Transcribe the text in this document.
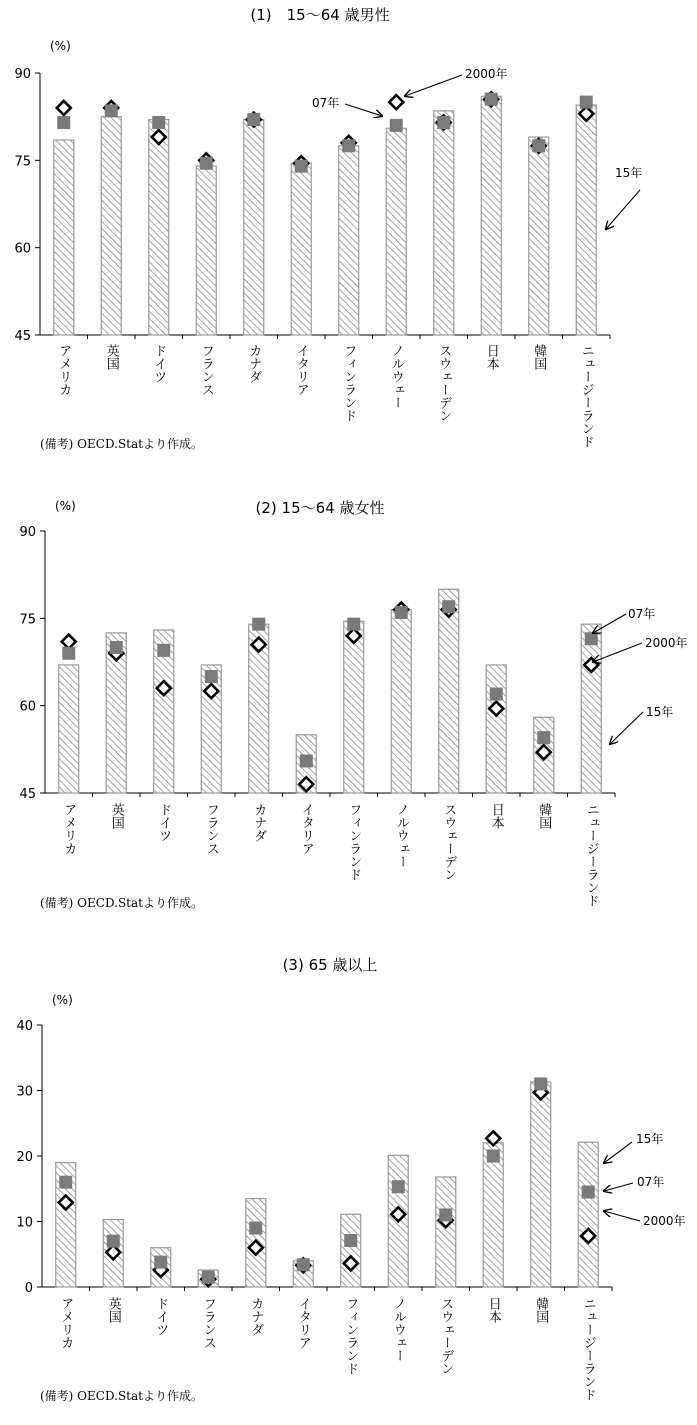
(1)　15～64 歳男性
(%)
45
60
75
90	2000年
07年
15年
(備考) OECD.Statより作成。
アメリカ	英国	ドイツ	フランス	カナダ	イタリア	フィンランド	ノルウェー	スウェーデン	日本	韓国	ニュージーランド
(2) 15～64 歳女性
(%)
45
60
75
90
07年
2000年
15年
(備考) OECD.Statより作成。
アメリカ	英国	ドイツ	フランス	カナダ	イタリア	フィンランド	ノルウェー	スウェーデン	日本	韓国	ニュージーランド
(3) 65 歳以上
(%)
0
10
20
30
40
15年
07年
2000年
(備考) OECD.Statより作成。
アメリカ	英国	ドイツ	フランス	カナダ	イタリア	フィンランド	ノルウェー	スウェーデン	日本	韓国	ニュージーランド
